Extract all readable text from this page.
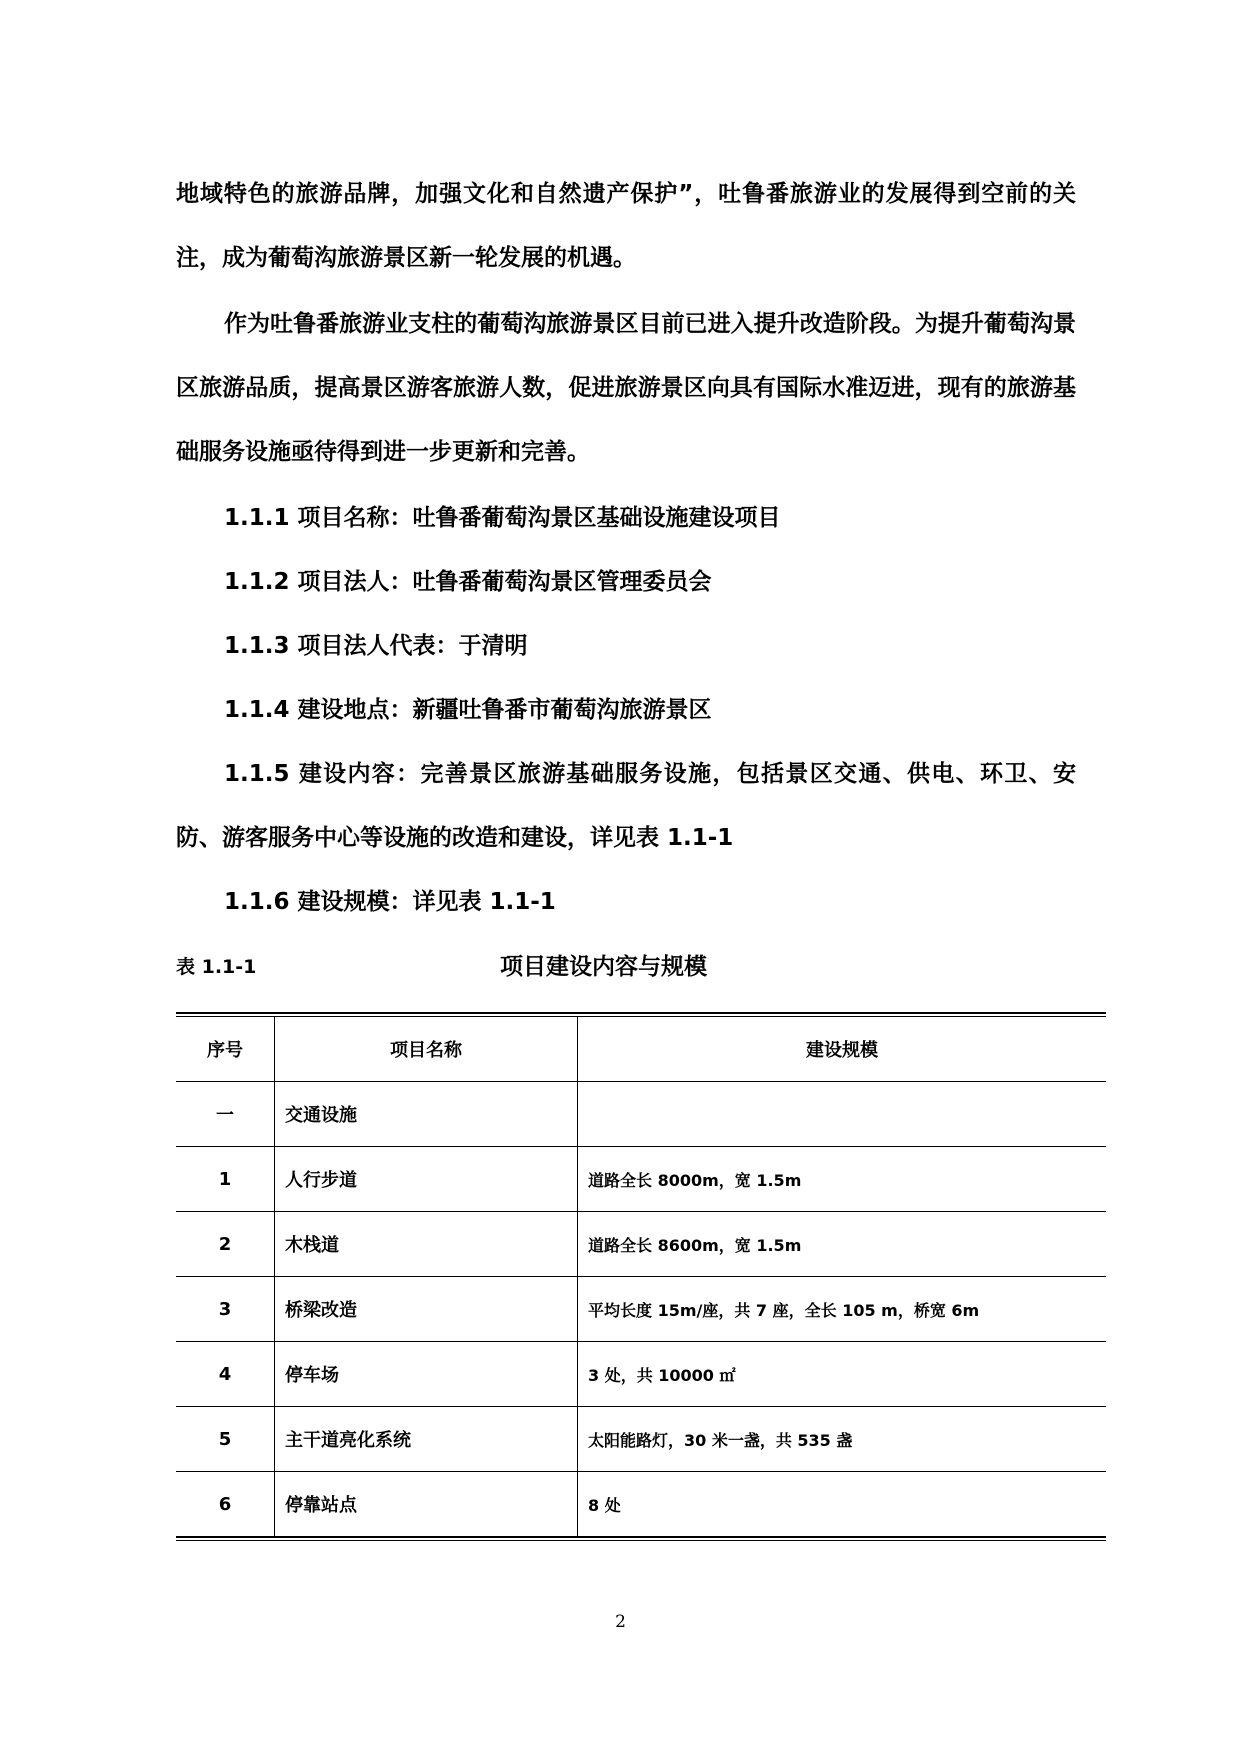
地域特色的旅游品牌，加强文化和自然遗产保护”，吐鲁番旅游业的发展得到空前的关注，成为葡萄沟旅游景区新一轮发展的机遇。
作为吐鲁番旅游业支柱的葡萄沟旅游景区目前已进入提升改造阶段。为提升葡萄沟景区旅游品质，提高景区游客旅游人数，促进旅游景区向具有国际水准迈进，现有的旅游基础服务设施亟待得到进一步更新和完善。
1.1.1 项目名称：吐鲁番葡萄沟景区基础设施建设项目
1.1.2 项目法人：吐鲁番葡萄沟景区管理委员会
1.1.3 项目法人代表：于清明
1.1.4 建设地点：新疆吐鲁番市葡萄沟旅游景区
1.1.5 建设内容：完善景区旅游基础服务设施，包括景区交通、供电、环卫、安防、游客服务中心等设施的改造和建设，详见表 1.1-1
1.1.6 建设规模：详见表 1.1-1
表 1.1-1	项目建设内容与规模
序号	项目名称	建设规模
一	交通设施	
1	人行步道	道路全长 8000m，宽 1.5m
2	木栈道	道路全长 8600m，宽 1.5m
3	桥梁改造	平均长度 15m/座，共 7 座，全长 105 m，桥宽 6m
4	停车场	3 处，共 10000 ㎡
5	主干道亮化系统	太阳能路灯，30 米一盏，共 535 盏
6	停靠站点	8 处
2
